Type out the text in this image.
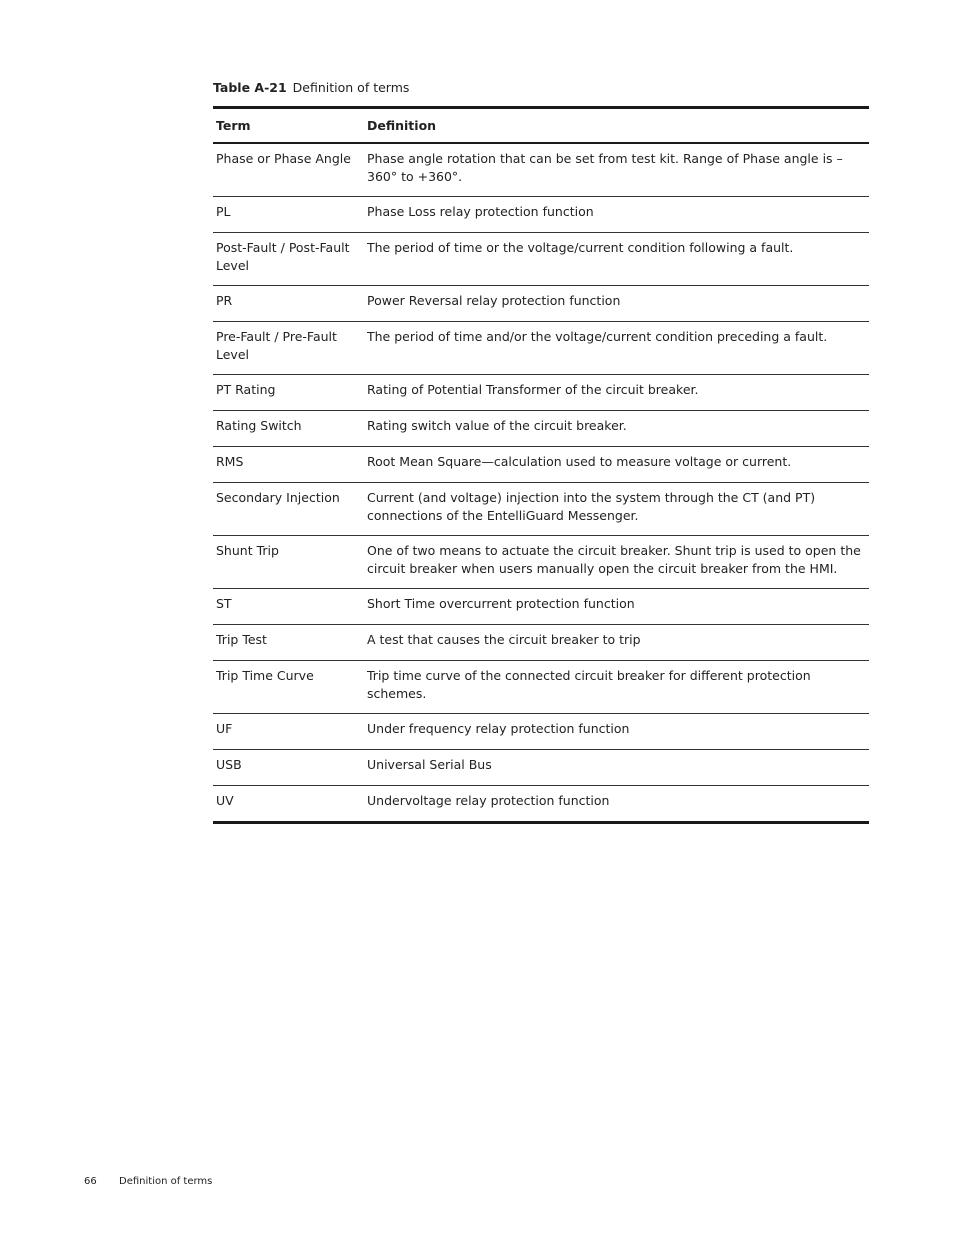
Table A-21 Definition of terms
Term	Definition
Phase or Phase Angle	Phase angle rotation that can be set from test kit. Range of Phase angle is –360° to +360°.
PL	Phase Loss relay protection function
Post-Fault / Post-Fault Level	The period of time or the voltage/current condition following a fault.
PR	Power Reversal relay protection function
Pre-Fault / Pre-Fault Level	The period of time and/or the voltage/current condition preceding a fault.
PT Rating	Rating of Potential Transformer of the circuit breaker.
Rating Switch	Rating switch value of the circuit breaker.
RMS	Root Mean Square—calculation used to measure voltage or current.
Secondary Injection	Current (and voltage) injection into the system through the CT (and PT) connections of the EntelliGuard Messenger.
Shunt Trip	One of two means to actuate the circuit breaker. Shunt trip is used to open the circuit breaker when users manually open the circuit breaker from the HMI.
ST	Short Time overcurrent protection function
Trip Test	A test that causes the circuit breaker to trip
Trip Time Curve	Trip time curve of the connected circuit breaker for different protection schemes.
UF	Under frequency relay protection function
USB	Universal Serial Bus
UV	Undervoltage relay protection function
66 Definition of terms
